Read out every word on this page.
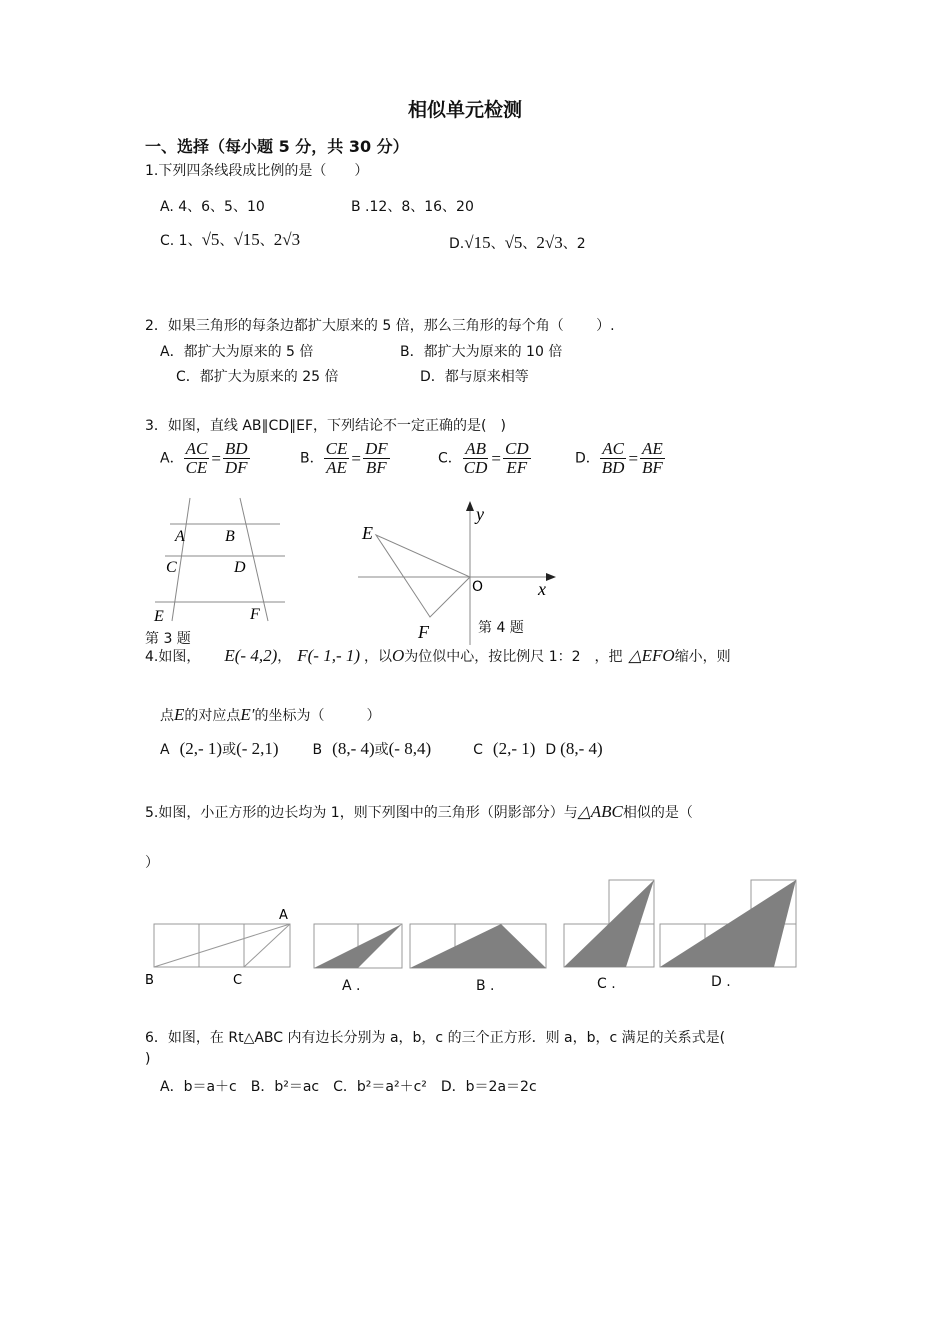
相似单元检测
一、选择（每小题 5 分，共 30 分）
1.下列四条线段成比例的是（　　）
A. 4、6、5、10	B .12、8、16、20
C. 1、√5、√15、2√3	D.√15、√5、2√3、2
2．如果三角形的每条边都扩大原来的 5 倍，那么三角形的每个角（　　 ）.
A．都扩大为原来的 5 倍	B．都扩大为原来的 10 倍
C．都扩大为原来的 25 倍	D．都与原来相等
3．如图，直线 AB∥CD∥EF，下列结论不一定正确的是(　)
A． $\frac{AC}{CE} = \frac{BD}{DF}$	B． $\frac{CE}{AE} = \frac{DF}{BF}$	C． $\frac{AB}{CD} = \frac{CD}{EF}$	D． $\frac{AC}{BD} = \frac{AE}{BF}$
A	B
C	D
E	F
第 3 题
y
x
O
E
F	第 4 题
4.如图， E(- 4,2)， F(- 1,- 1) ，以O为位似中心，按比例尺 1：2　，把 △EFO缩小，则
点E的对应点E′的坐标为（　　　）
A (2,- 1)或(- 2,1) B (8,- 4)或(- 8,4)	C (2,- 1) D (8,- 4)
5.如图，小正方形的边长均为 1，则下列图中的三角形（阴影部分）与△ABC相似的是（
）
A
B	C	A .	B .	C .	D .
6．如图，在 Rt△ABC 内有边长分别为 a，b，c 的三个正方形．则 a，b，c 满足的关系式是(
)
A．b＝a＋c　B．b²＝ac　C．b²＝a²＋c²　D．b＝2a＝2c
